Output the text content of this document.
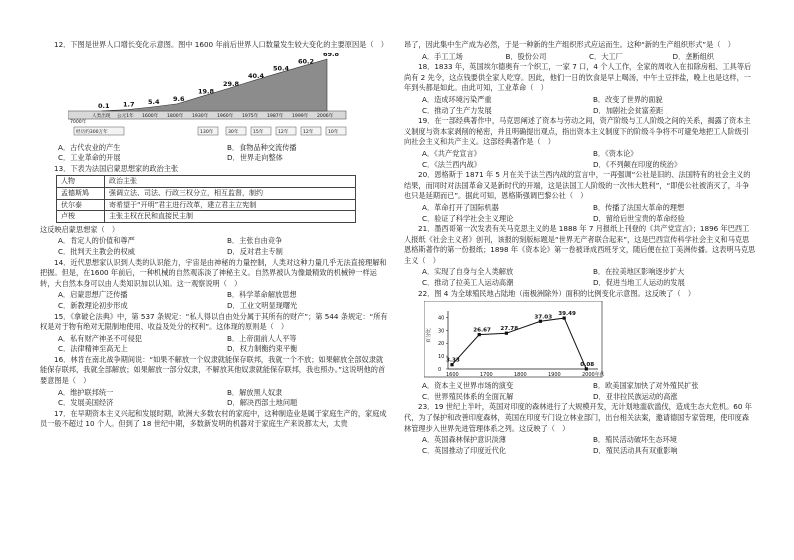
12．下图是世界人口增长变化示意图。图中 1600 年前后世界人口数量发生较大变化的主要原因是（　）

0.1
人类出现
1.7
公元1年
5.4
1600年
9.6
1800年
19.8
1930年
29.8
1960年
40.4
1975年
50.4
1987年
60.2
1999年
69.8
2006年
7000年
经历约300万年	130年	30年	15年	12年	12年	10年
A．古代农业的产生	B．食物品种交流传播
C．工业革命的开展	D．世界走向整体

13．下表为法国启蒙思想家的政治主张

人物	政治主张
孟德斯鸠	强调立法、司法、行政三权分立，相互监督，制约
伏尔泰	寄希望于“开明”君主进行改革，建立君主立宪制
卢梭	主张主权在民和直接民主制

这反映启蒙思想家（　）

A．肯定人的价值和尊严	B．主张自由竞争
C．批判天主教会的权威	D．反对君主专制

14．近代思想家认识到人类的认识能力，宇宙是由神秘的力量控制，人类对这种力量几乎无法直接理解和把握。但是，在1600 年前后，一种机械的自然观冻淡了神秘主义。自然界被认为像最精致的机械钟一样运转，大自然本身可以由人类知识加以认知。这一观察说明（　）

A．启蒙思想广泛传播	B．科学革命解放思想
C．新教理论初步形成	D．工业文明显现曙光

15．《拿破仑法典》中，第 537 条规定：“私人得以自由处分属于其所有的财产”；第 544 条规定：“所有权是对于物有绝对无限制地使用、收益及处分的权利”。这体现的原则是（　）

A．私有财产神圣不可侵犯	B．上帝面前人人平等
C．法律精神至高无上	D．权力制衡约束平衡

16．林肯在南北战争期间说：“如果不解放一个奴隶就能保存联邦，我就一个不放；如果解放全部奴隶就能保存联邦，我就全部解放；如果解放一部分奴隶，不解放其他奴隶就能保存联邦，我也照办。”这说明他的首要意图是（　）

A．维护联邦统一	B．解放黑人奴隶
C．发展美国经济	D．解决西部土地问题

17．在早期资本主义兴起和发展时期，欧洲大多数农村的家庭中，这种制造业是属于家庭生产的，家庭成员一般不超过 10 个人。但到了 18 世纪中期，多数新发明的机器对于家庭生产来说都太大，太贵

昂了，因此集中生产成为必然，于是一种新的生产组织形式应运而生。这种“新的生产组织形式”是（　）

A．手工工场	B．股份公司	C．大工厂	D．垄断组织

18．1833 年，英国埃尔德奥有一个织工，一家 7 口，4 个人工作，全家的周收入在扣除房租、工具等后尚有 2 先令，这点钱要供全家人吃穿。因此，他们一日的饮食是早上喝汤，中午土豆拌盐，晚上也是这样，一年到头都是如此。由此可知，工业革命（　）

A．造成环境污染严重	B．改变了世界的面貌
C．推动了生产力发展	D．加剧社会贫富差距

19．在一部经典著作中，马克思阐述了资本与劳动之间，资产阶级与工人阶级之间的关系，揭露了资本主义制度与资本家剥削的秘密，并且明确提出观点，指出资本主义制度下的阶级斗争将不可避免地把工人阶级引向社会主义和共产主义。这部经典著作是（　）

A．《共产党宣言》	B．《资本论》
C．《法兰西内战》	D．《不列颠在印度的统治》

20．恩格斯于 1871 年 5 月在关于法兰西内战的宣言中，一再强调“公社是旧的、法国特有的社会主义的结果，而同时对法国革命又是新时代的开端，这是法国工人阶级的一次伟大胜利”，“即使公社被消灭了，斗争也只是延期而已”。据此可知，恩格斯强调巴黎公社（　）

A．革命打开了国际机器	B．传播了法国大革命的理想
C．验证了科学社会主义理论	D．留给后世宝贵的革命经验

21．墨西哥第一次发表有关马克思主义的是 1888 年 7 月报纸上刊登的《共产党宣言》；1896 年巴西工人报纸《社会主义者》创刊，该报的刻版标题是“世界无产者联合起来”，这是巴西宣传科学社会主义和马克思恩格斯著作的第一份报纸；1898 年《资本论》第一卷被译成西班牙文，随后便在拉丁美洲传播。这表明马克思主义（　）

A．实现了自身与全人类解放	B．在拉美地区影响逐步扩大
C．推动了拉美工人运动高潮	D．促进当地工人运动的发展

22．图 4 为全球殖民地占陆地（南极洲除外）面积的比例变化示意图。这反映了（　）

百分比
0
10
20
30
40
1600	1700	1800	1900	2000年代
3.33
26.67 27.78
37.03
39.49
0.08
A．资本主义世界市场的演变	B．欧美国家加快了对外殖民扩张
C．世界殖民体系的全面瓦解	D．亚非拉民族运动的高涨

23．19 世纪上半叶，英国对印度的森林进行了大规模开发，无计划地滥砍滥伐，造成生态大危机。60 年代，为了保护和改善印度森林，英国在印度专门设立林业部门，出台相关法案，邀请德国专家管理，使印度森林管理步入世界先进管理体系之列。这反映了（　）

A．英国森林保护意识淡薄	B．殖民活动破坏生态环境
C．英国推动了印度近代化	D．殖民活动具有双重影响
